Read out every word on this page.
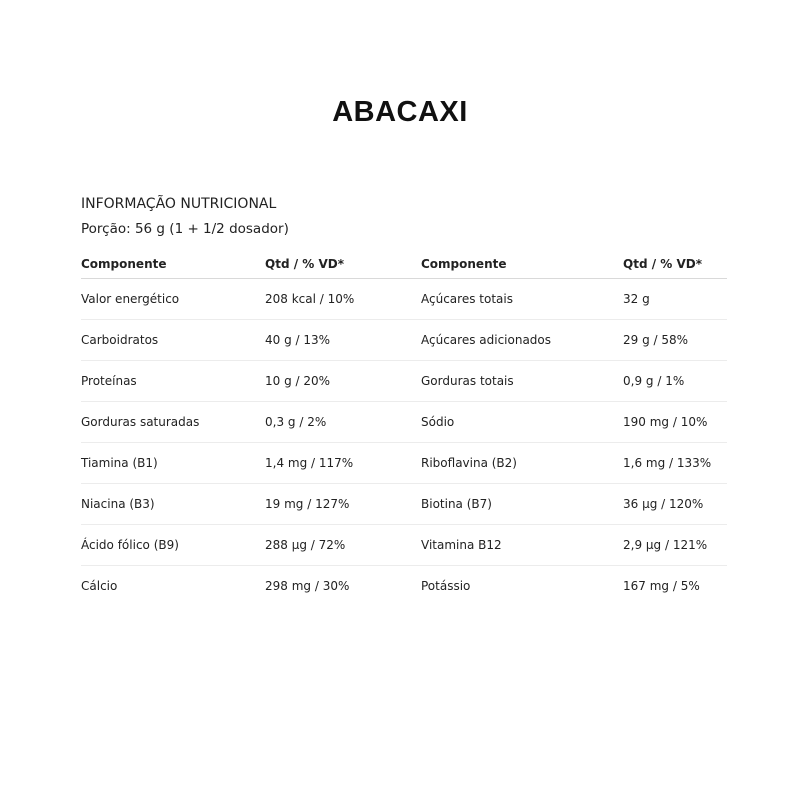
ABACAXI
INFORMAÇÃO NUTRICIONAL
Porção: 56 g (1 + 1/2 dosador)
Componente	Qtd / % VD*	Componente	Qtd / % VD*
Valor energético	208 kcal / 10%	Açúcares totais	32 g
Carboidratos	40 g / 13%	Açúcares adicionados	29 g / 58%
Proteínas	10 g / 20%	Gorduras totais	0,9 g / 1%
Gorduras saturadas	0,3 g / 2%	Sódio	190 mg / 10%
Tiamina (B1)	1,4 mg / 117%	Riboflavina (B2)	1,6 mg / 133%
Niacina (B3)	19 mg / 127%	Biotina (B7)	36 µg / 120%
Ácido fólico (B9)	288 µg / 72%	Vitamina B12	2,9 µg / 121%
Cálcio	298 mg / 30%	Potássio	167 mg / 5%
